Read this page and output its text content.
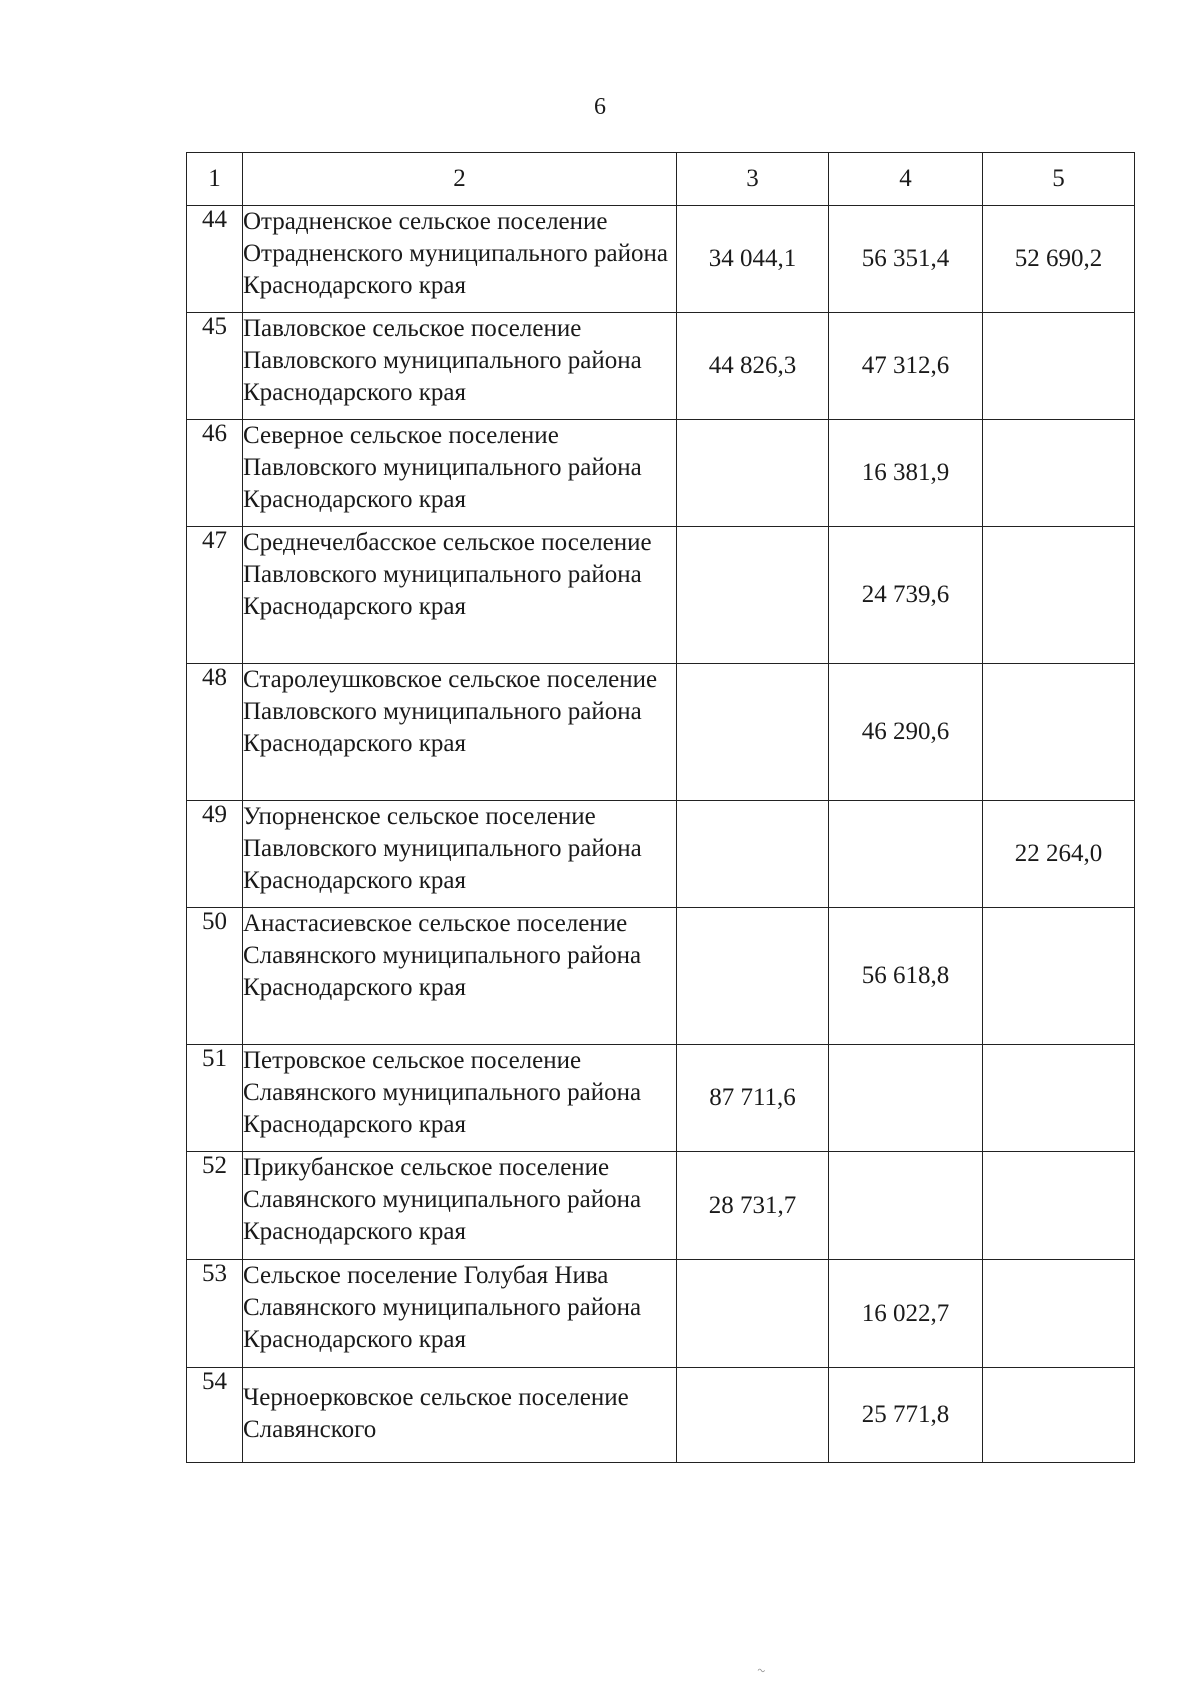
6
1	2	3	4	5
44	Отрадненское сельское поселение Отрадненского муниципального района Краснодарского края	34 044,1	56 351,4	52 690,2
45	Павловское сельское поселение Павловского муниципального района Краснодарского края	44 826,3	47 312,6	
46	Северное сельское поселение Павловского муниципального района Краснодарского края		16 381,9	
47	Среднечелбасское сельское поселение Павловского муниципального района Краснодарского края		24 739,6	
48	Старолеушковское сельское поселение Павловского муниципального района Краснодарского края		46 290,6	
49	Упорненское сельское поселение Павловского муниципального района Краснодарского края			22 264,0
50	Анастасиевское сельское поселение Славянского муниципального района Краснодарского края		56 618,8	
51	Петровское сельское поселение Славянского муниципального района Краснодарского края	87 711,6		
52	Прикубанское сельское поселение Славянского муниципального района Краснодарского края	28 731,7		
53	Сельское поселение Голубая Нива Славянского муниципального района Краснодарского края		16 022,7	
54	Черноерковское сельское поселение Славянского		25 771,8	
~
